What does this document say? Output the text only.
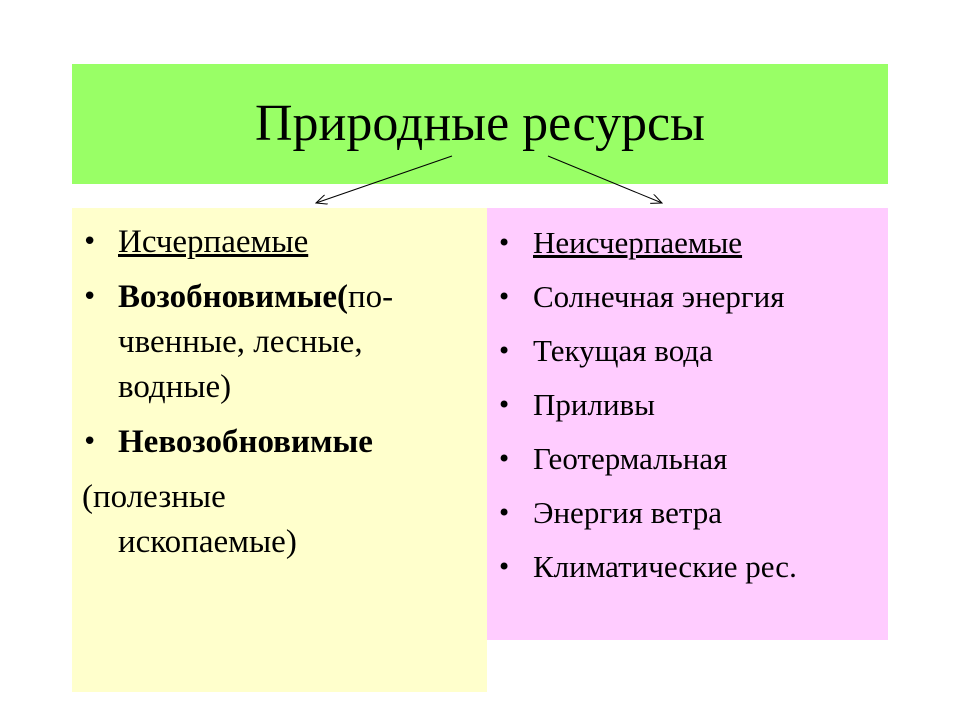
Природные ресурсы
• Исчерпаемые
• Возобновимые(по-чвенные, лесные, водные)
• Невозобновимые
(полезные
ископаемые)
• Неисчерпаемые
• Солнечная энергия
• Текущая вода
• Приливы
• Геотермальная
• Энергия ветра
• Климатические рес.
